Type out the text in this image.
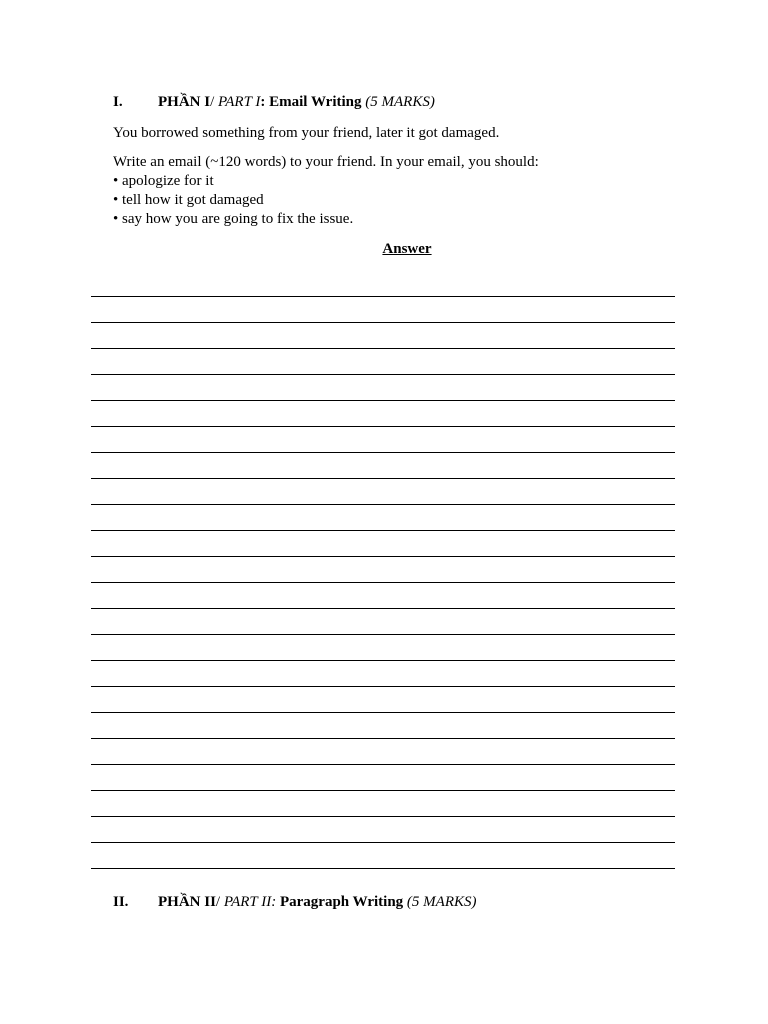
I. PHẦN I/ PART I: Email Writing (5 MARKS)
You borrowed something from your friend, later it got damaged.
Write an email (~120 words) to your friend. In your email, you should:
• apologize for it
• tell how it got damaged
• say how you are going to fix the issue.
Answer
II. PHẦN II/ PART II: Paragraph Writing (5 MARKS)
